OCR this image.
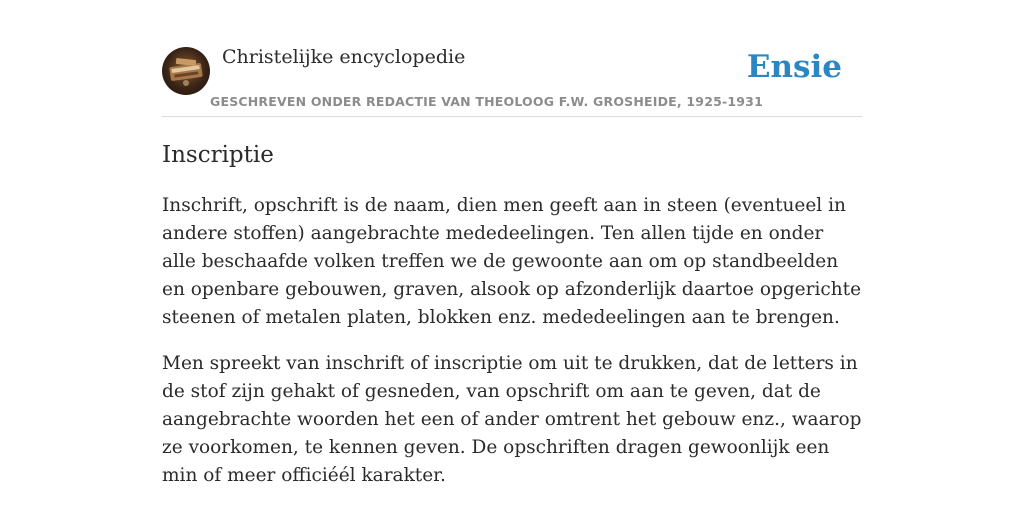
Christelijke encyclopedie
GESCHREVEN ONDER REDACTIE VAN THEOLOOG F.W. GROSHEIDE, 1925-1931
Ensie
Inscriptie

Inschrift, opschrift is de naam, dien men geeft aan in steen (eventueel in andere stoffen) aangebrachte mededeelingen. Ten allen tijde en onder alle beschaafde volken treffen we de gewoonte aan om op standbeelden en openbare gebouwen, graven, alsook op afzonderlijk daartoe opgerichte steenen of metalen platen, blokken enz. mededeelingen aan te brengen.

Men spreekt van inschrift of inscriptie om uit te drukken, dat de letters in de stof zijn gehakt of gesneden, van opschrift om aan te geven, dat de aangebrachte woorden het een of ander omtrent het gebouw enz., waarop ze voorkomen, te kennen geven. De opschriften dragen gewoonlijk een min of meer officiéél karakter.
